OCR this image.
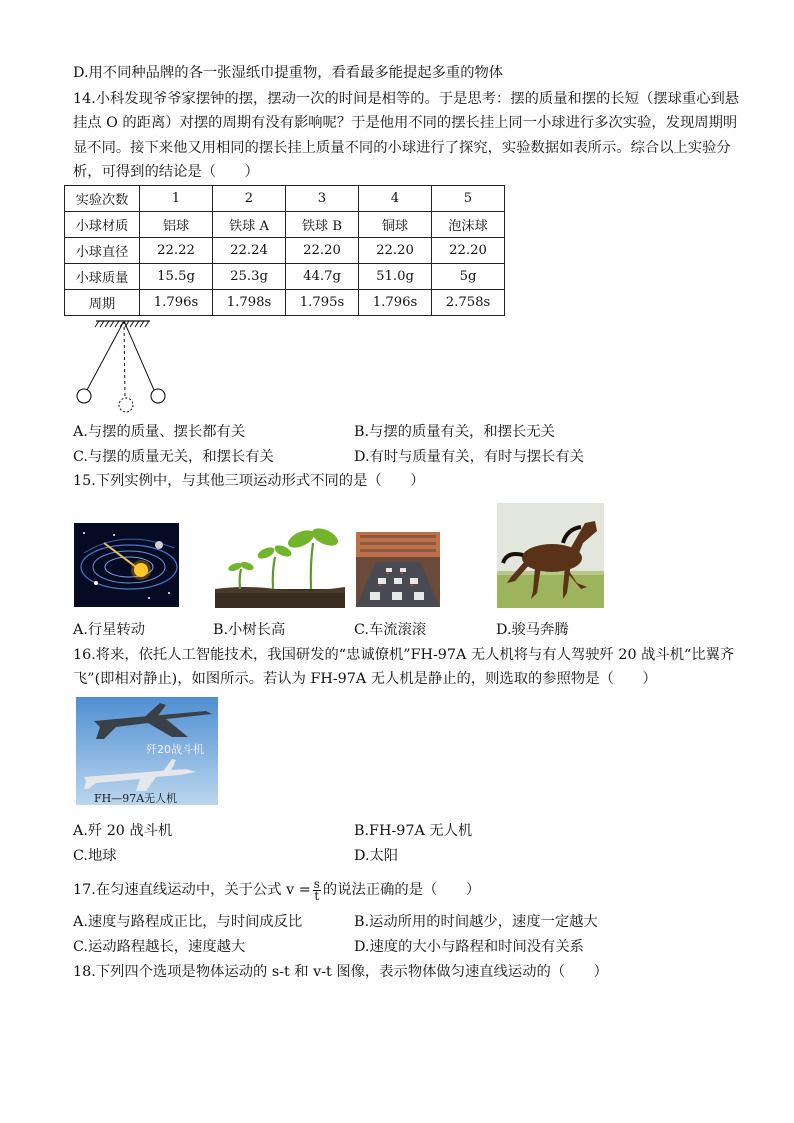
D.用不同种品牌的各一张湿纸巾提重物，看看最多能提起多重的物体
14.小科发现爷爷家摆钟的摆，摆动一次的时间是相等的。于是思考：摆的质量和摆的长短（摆球重心到悬
挂点 O 的距离）对摆的周期有没有影响呢？于是他用不同的摆长挂上同一小球进行多次实验，发现周期明
显不同。接下来他又用相同的摆长挂上质量不同的小球进行了探究，实验数据如表所示。综合以上实验分
析，可得到的结论是（　　）
实验次数	1	2	3	4	5
小球材质	铝球	铁球 A	铁球 B	铜球	泡沫球
小球直径	22.22	22.24	22.20	22.20	22.20
小球质量	15.5g	25.3g	44.7g	51.0g	5g
周期	1.796s	1.798s	1.795s	1.796s	2.758s
A.与摆的质量、摆长都有关	B.与摆的质量有关，和摆长无关
C.与摆的质量无关，和摆长有关	D.有时与质量有关，有时与摆长有关
15.下列实例中，与其他三项运动形式不同的是（　　）
A.行星转动	B.小树长高	C.车流滚滚	D.骏马奔腾
16.将来，依托人工智能技术，我国研发的“忠诚僚机”FH-97A 无人机将与有人驾驶歼 20 战斗机“比翼齐
飞”(即相对静止)，如图所示。若认为 FH-97A 无人机是静止的，则选取的参照物是（　　）
歼20战斗机
FH—97A无人机
A.歼 20 战斗机	B.FH-97A 无人机
C.地球	D.太阳
17.在匀速直线运动中，关于公式 $v = \frac{s}{t}$ 的说法正确的是（　　）
A.速度与路程成正比，与时间成反比	B.运动所用的时间越少，速度一定越大
C.运动路程越长，速度越大	D.速度的大小与路程和时间没有关系
18.下列四个选项是物体运动的 s-t 和 v-t 图像，表示物体做匀速直线运动的（　　）
